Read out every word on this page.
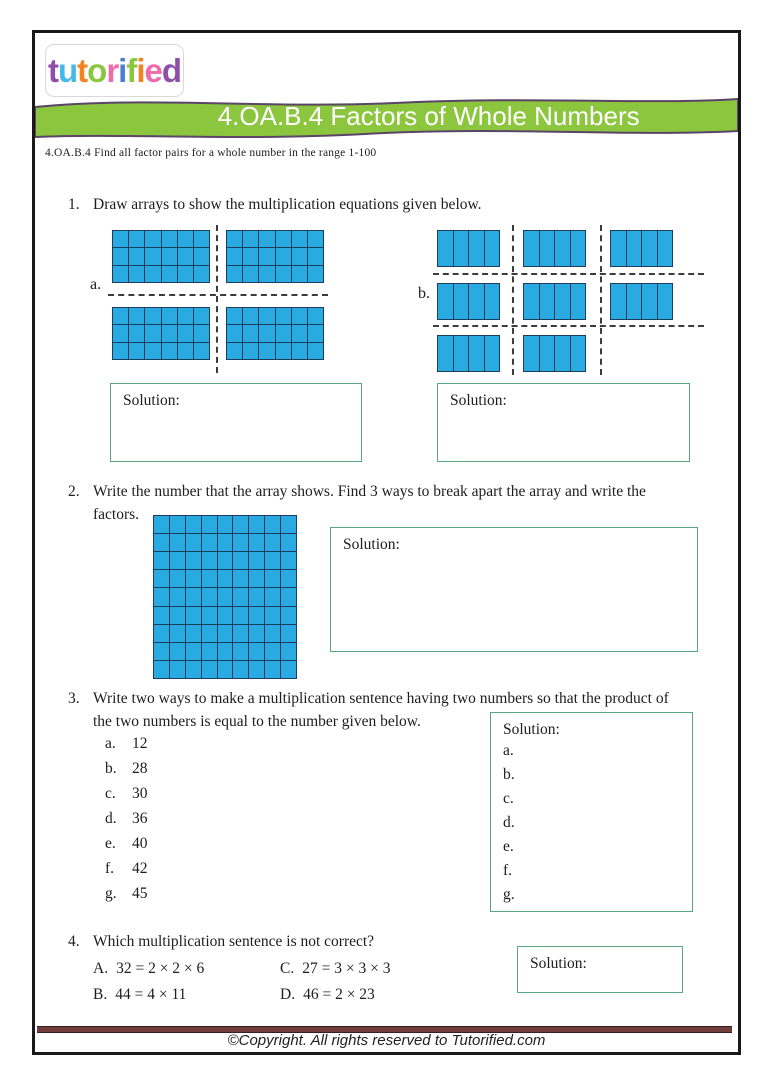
tutorified
4.OA.B.4 Factors of Whole Numbers
4.OA.B.4 Find all factor pairs for a whole number in the range 1-100
1. Draw arrays to show the multiplication equations given below.
a.
b.
Solution:	Solution:
2. Write the number that the array shows. Find 3 ways to break apart the array and write the
factors.
Solution:
3. Write two ways to make a multiplication sentence having two numbers so that the product of
the two numbers is equal to the number given below.
a. 12
b. 28
c. 30
d. 36
e. 40
f. 42
g. 45
Solution:
a.
b.
c.
d.
e.
f.
g.
4. Which multiplication sentence is not correct?
A. 32 = 2 × 2 × 6	C. 27 = 3 × 3 × 3
B. 44 = 4 × 11	D. 46 = 2 × 23
Solution:
©Copyright. All rights reserved to Tutorified.com
